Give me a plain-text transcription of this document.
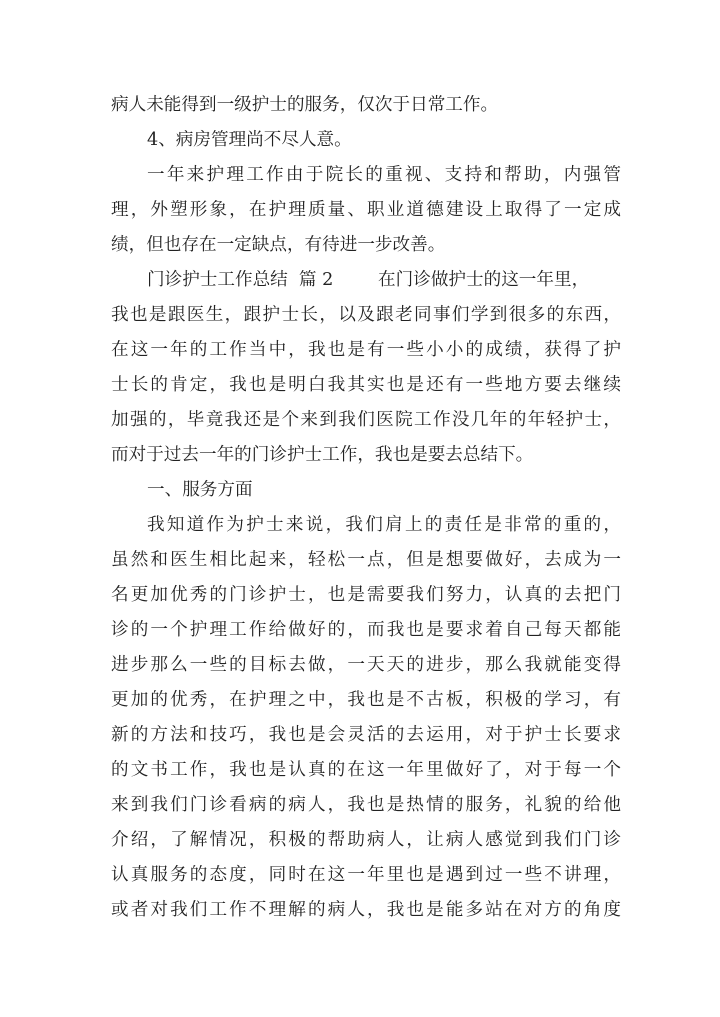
病人未能得到一级护士的服务，仅次于日常工作。
4、病房管理尚不尽人意。
一年来护理工作由于院长的重视、支持和帮助，内强管
理，外塑形象，在护理质量、职业道德建设上取得了一定成
绩，但也存在一定缺点，有待进一步改善。
门诊护士工作总结  篇 2        在门诊做护士的这一年里，
我也是跟医生，跟护士长，以及跟老同事们学到很多的东西，
在这一年的工作当中，我也是有一些小小的成绩，获得了护
士长的肯定，我也是明白我其实也是还有一些地方要去继续
加强的，毕竟我还是个来到我们医院工作没几年的年轻护士，
而对于过去一年的门诊护士工作，我也是要去总结下。
一、服务方面
我知道作为护士来说，我们肩上的责任是非常的重的，
虽然和医生相比起来，轻松一点，但是想要做好，去成为一
名更加优秀的门诊护士，也是需要我们努力，认真的去把门
诊的一个护理工作给做好的，而我也是要求着自己每天都能
进步那么一些的目标去做，一天天的进步，那么我就能变得
更加的优秀，在护理之中，我也是不古板，积极的学习，有
新的方法和技巧，我也是会灵活的去运用，对于护士长要求
的文书工作，我也是认真的在这一年里做好了，对于每一个
来到我们门诊看病的病人，我也是热情的服务，礼貌的给他
介绍，了解情况，积极的帮助病人，让病人感觉到我们门诊
认真服务的态度，同时在这一年里也是遇到过一些不讲理，
或者对我们工作不理解的病人，我也是能多站在对方的角度
